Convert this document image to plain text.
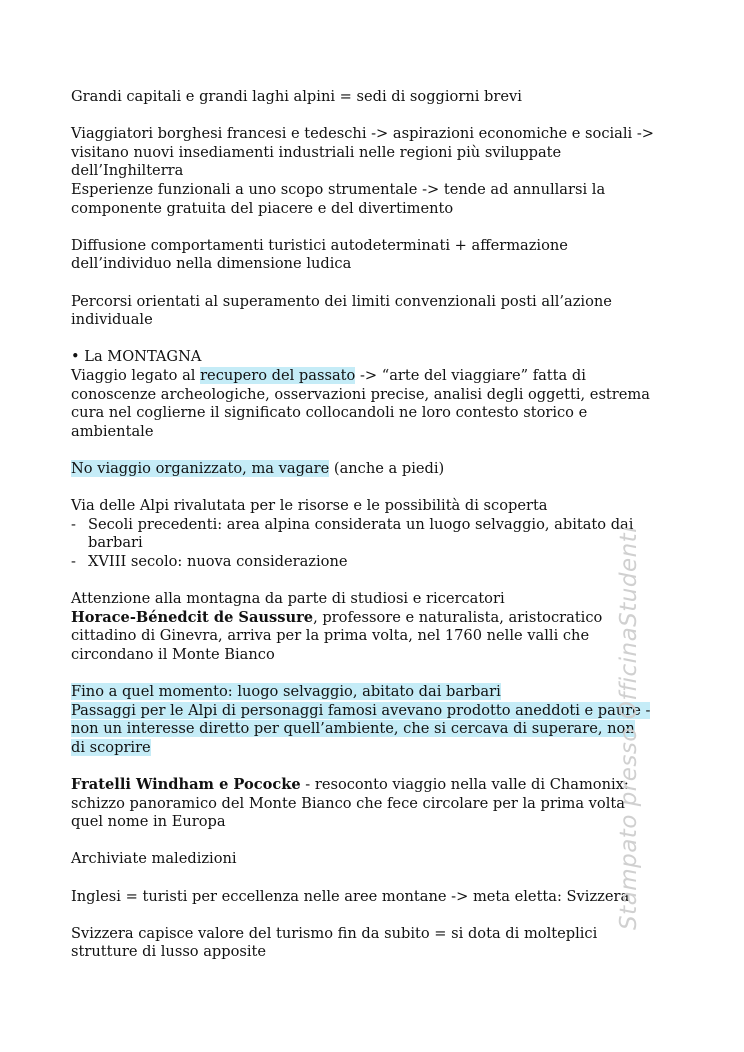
Grandi capitali e grandi laghi alpini = sedi di soggiorni brevi

Viaggiatori borghesi francesi e tedeschi -> aspirazioni economiche e sociali ->

visitano nuovi insediamenti industriali nelle regioni più sviluppate

dell’Inghilterra

Esperienze funzionali a uno scopo strumentale -> tende ad annullarsi la

componente gratuita del piacere e del divertimento

Diffusione comportamenti turistici autodeterminati + affermazione

dell’individuo nella dimensione ludica

Percorsi orientati al superamento dei limiti convenzionali posti all’azione

individuale

• La MONTAGNA

Viaggio legato al recupero del passato -> “arte del viaggiare” fatta di

conoscenze archeologiche, osservazioni precise, analisi degli oggetti, estrema

cura nel coglierne il significato collocandoli ne loro contesto storico e

ambientale

No viaggio organizzato, ma vagare (anche a piedi)

Via delle Alpi rivalutata per le risorse e le possibilità di scoperta

- Secoli precedenti: area alpina considerata un luogo selvaggio, abitato dai

barbari

- XVIII secolo: nuova considerazione

Attenzione alla montagna da parte di studiosi e ricercatori

Horace-Bénedcit de Saussure, professore e naturalista, aristocratico

cittadino di Ginevra, arriva per la prima volta, nel 1760 nelle valli che

circondano il Monte Bianco

Fino a quel momento: luogo selvaggio, abitato dai barbari

Passaggi per le Alpi di personaggi famosi avevano prodotto aneddoti e paure -

non un interesse diretto per quell’ambiente, che si cercava di superare, non

di scoprire

Fratelli Windham e Pococke - resoconto viaggio nella valle di Chamonix:

schizzo panoramico del Monte Bianco che fece circolare per la prima volta

quel nome in Europa

Archiviate maledizioni

Inglesi = turisti per eccellenza nelle aree montane -> meta eletta: Svizzera

Svizzera capisce valore del turismo fin da subito = si dota di molteplici

strutture di lusso apposite

Stampato presso OfficinaStudenti
